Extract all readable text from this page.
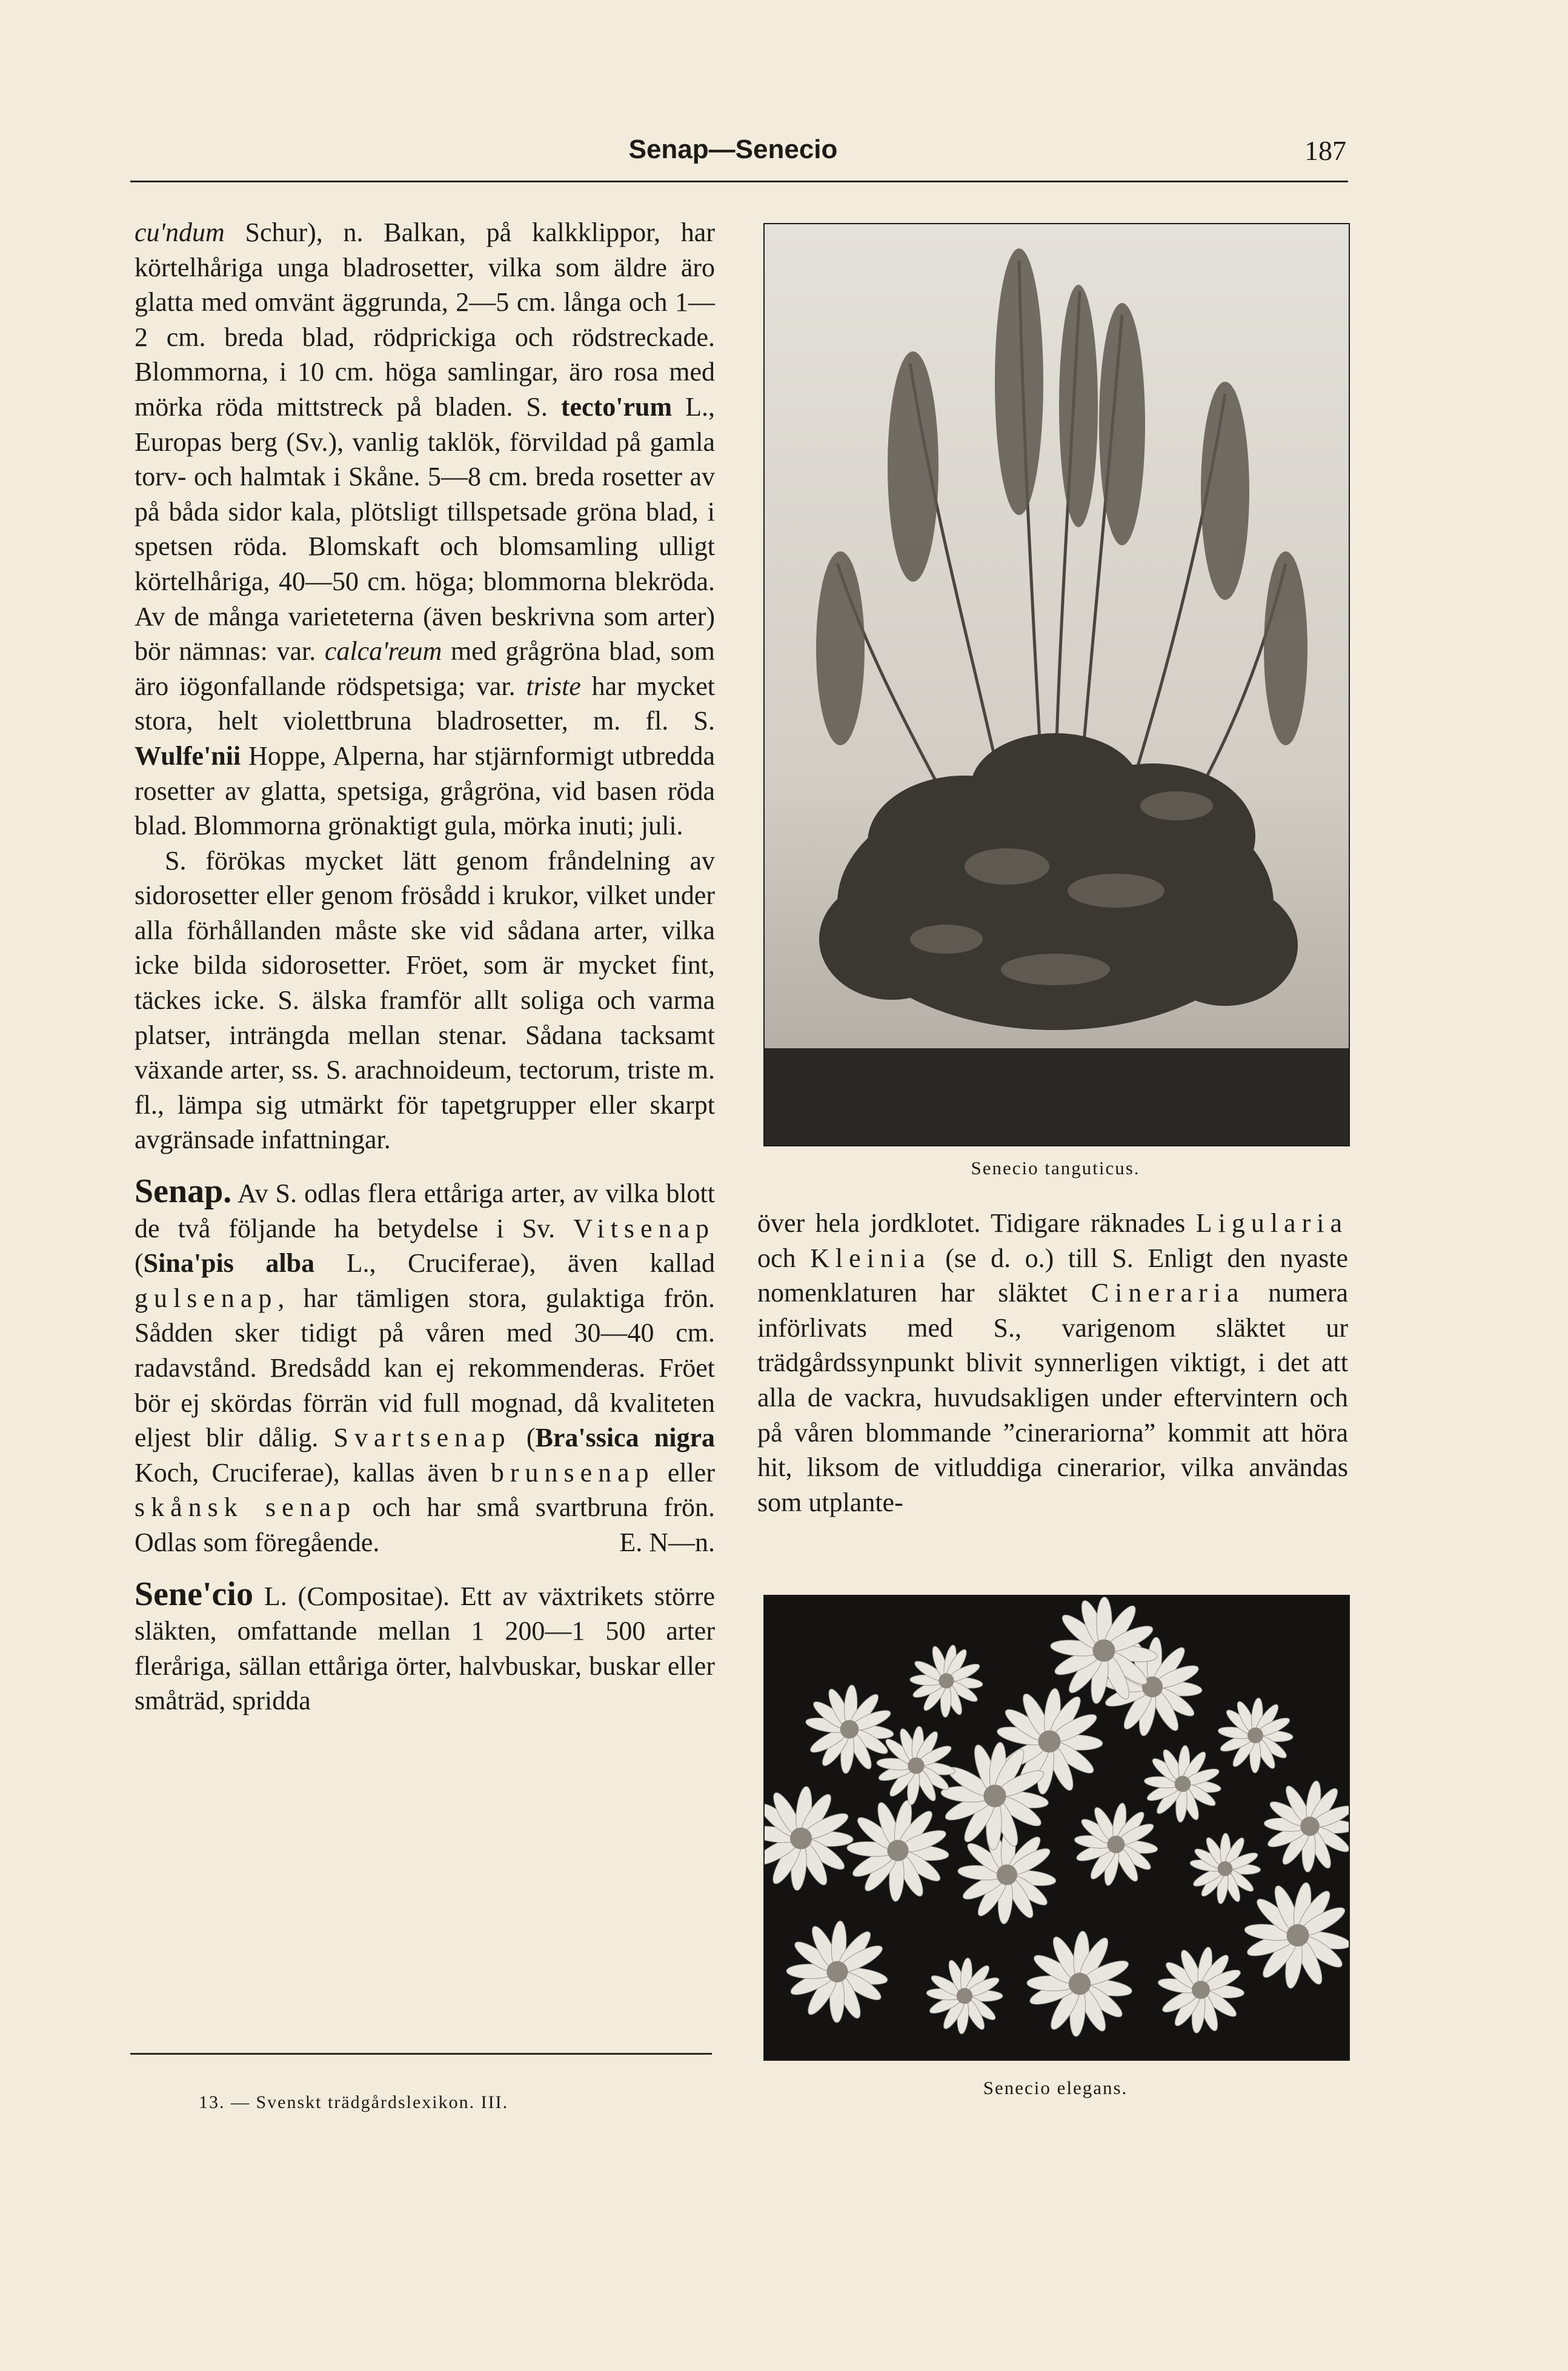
Senap—Senecio	187

cu'ndum Schur), n. Balkan, på kalkklippor, har körtelhåriga unga bladrosetter, vilka som äldre äro glatta med omvänt äggrunda, 2—5 cm. långa och 1—2 cm. breda blad, rödprickiga och rödstreckade. Blommorna, i 10 cm. höga samlingar, äro rosa med mörka röda mittstreck på bladen. S. tecto'rum L., Europas berg (Sv.), vanlig taklök, förvildad på gamla torv- och halmtak i Skåne. 5—8 cm. breda rosetter av på båda sidor kala, plötsligt tillspetsade gröna blad, i spetsen röda. Blomskaft och blomsamling ulligt körtelhåriga, 40—50 cm. höga; blommorna blekröda. Av de många varieteterna (även beskrivna som arter) bör nämnas: var. calca'reum med grågröna blad, som äro iögonfallande rödspetsiga; var. triste har mycket stora, helt violettbruna bladrosetter, m. fl. S. Wulfe'nii Hoppe, Alperna, har stjärnformigt utbredda rosetter av glatta, spetsiga, grågröna, vid basen röda blad. Blommorna grönaktigt gula, mörka inuti; juli.

S. förökas mycket lätt genom fråndelning av sidorosetter eller genom frösådd i krukor, vilket under alla förhållanden måste ske vid sådana arter, vilka icke bilda sidorosetter. Fröet, som är mycket fint, täckes icke. S. älska framför allt soliga och varma platser, inträngda mellan stenar. Sådana tacksamt växande arter, ss. S. arachnoideum, tectorum, triste m. fl., lämpa sig utmärkt för tapetgrupper eller skarpt avgränsade infattningar.

Senap. Av S. odlas flera ettåriga arter, av vilka blott de två följande ha betydelse i Sv. Vitsenap (Sina'pis alba L., Cruciferae), även kallad gulsenap, har tämligen stora, gulaktiga frön. Sådden sker tidigt på våren med 30—40 cm. radavstånd. Bredsådd kan ej rekommenderas. Fröet bör ej skördas förrän vid full mognad, då kvaliteten eljest blir dålig. Svartsenap (Bra'ssica nigra Koch, Cruciferae), kallas även brunsenap eller skånsk senap och har små svartbruna frön. Odlas som föregående.	E. N—n.

Sene'cio L. (Compositae). Ett av växtrikets större släkten, omfattande mellan 1 200—1 500 arter fleråriga, sällan ettåriga örter, halvbuskar, buskar eller småträd, spridda

Senecio tanguticus.

över hela jordklotet. Tidigare räknades Ligularia och Kleinia (se d. o.) till S. Enligt den nyaste nomenklaturen har släktet Cineraria numera införlivats med S., varigenom släktet ur trädgårdssynpunkt blivit synnerligen viktigt, i det att alla de vackra, huvudsakligen under eftervintern och på våren blommande ”cinerariorna” kommit att höra hit, liksom de vitluddiga cinerarior, vilka användas som utplante-

Senecio elegans.
13. — Svenskt trädgårdslexikon. III.
